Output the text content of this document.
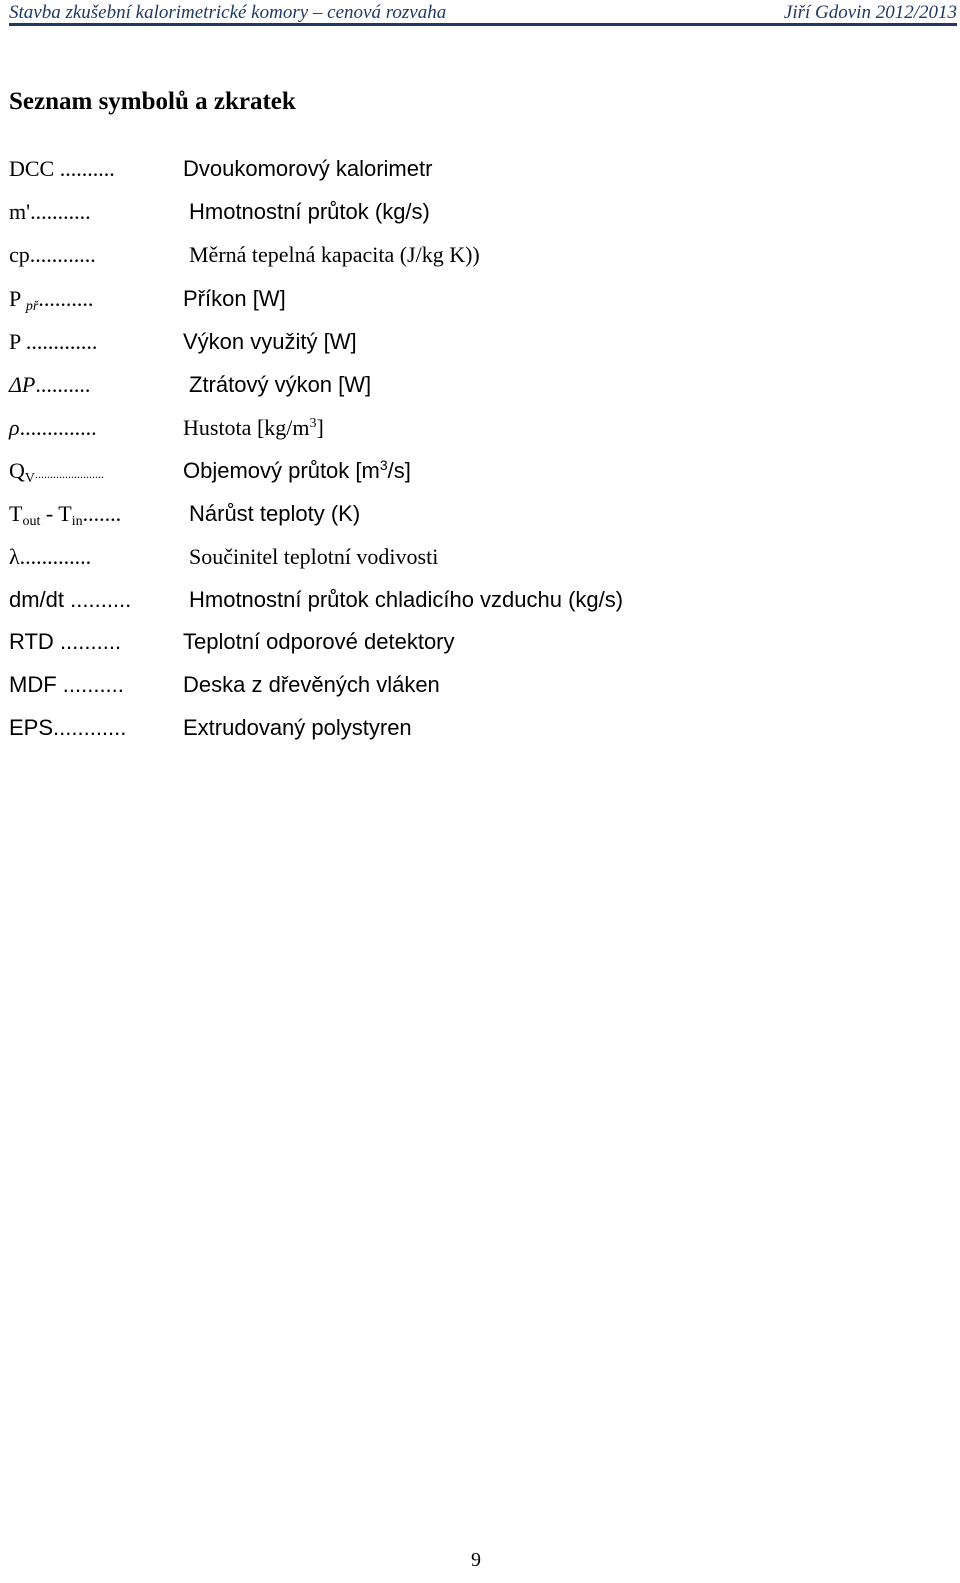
Stavba zkušební kalorimetrické komory – cenová rozvaha	Jiří Gdovin 2012/2013
Seznam symbolů a zkratek
DCC ..........	Dvoukomorový kalorimetr
m'...........	Hmotnostní průtok (kg/s)
cp............	Měrná tepelná kapacita (J/kg K))
P $_{př}$..........	Příkon [W]
P .............	Výkon využitý [W]
ΔP..........	Ztrátový výkon [W]
ρ..............	Hustota $[kg/m^3]$
$Q_V$.......................	Objemový průtok $[m^3/s]$
$T_{out} - T_{in}$.......	Nárůst teploty (K)
λ.............	Součinitel teplotní vodivosti
dm/dt ..........	Hmotnostní průtok chladicího vzduchu (kg/s)
RTD ..........	Teplotní odporové detektory
MDF ..........	Deska z dřevěných vláken
EPS............	Extrudovaný polystyren
9
